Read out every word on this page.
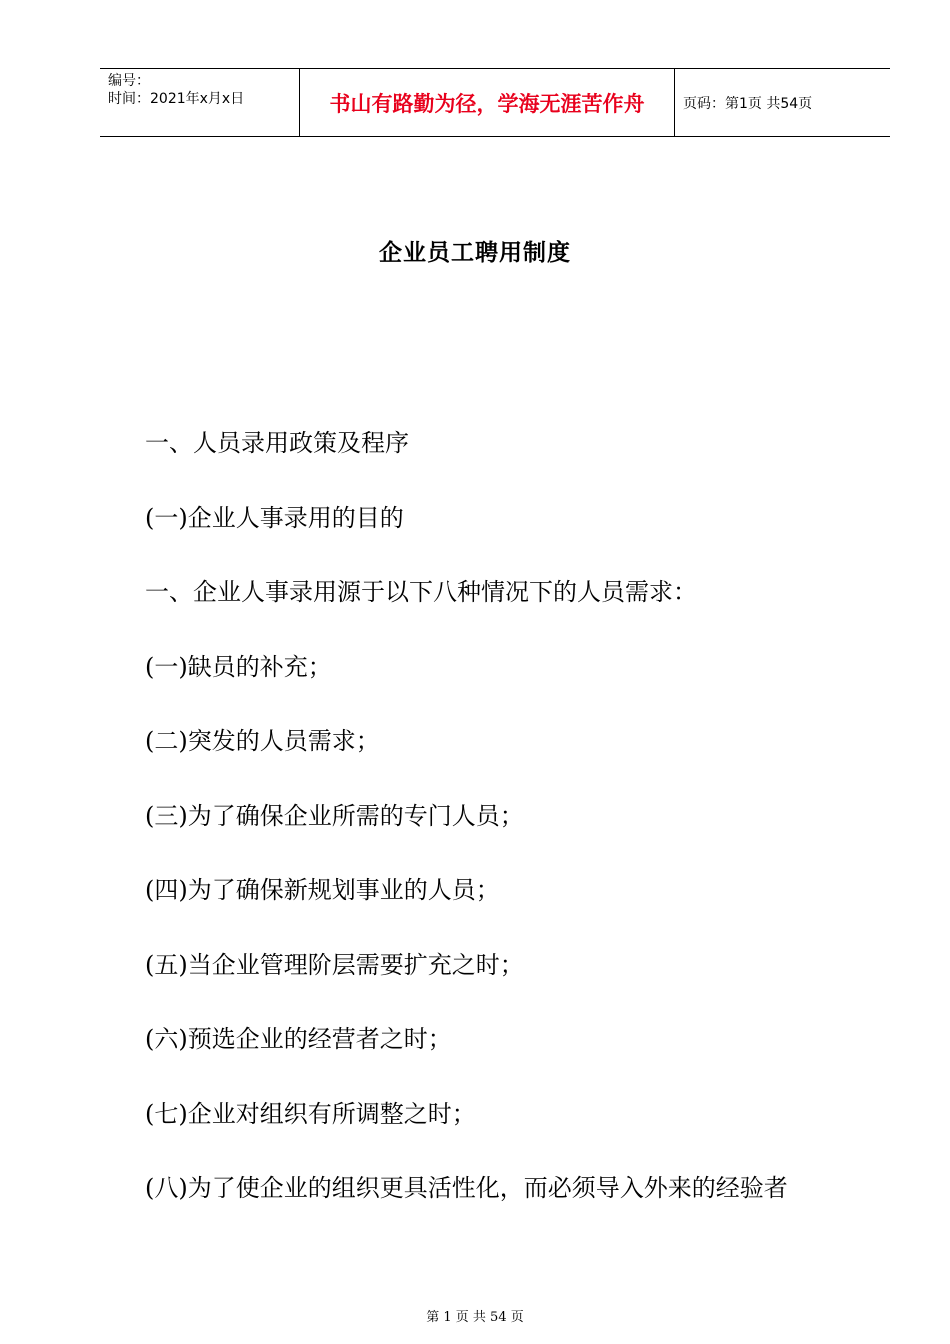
编号：
时间：2021年x月x日	书山有路勤为径，学海无涯苦作舟	页码：第1页 共54页
企业员工聘用制度
一、人员录用政策及程序
(一)企业人事录用的目的
一、企业人事录用源于以下八种情况下的人员需求：
(一)缺员的补充；
(二)突发的人员需求；
(三)为了确保企业所需的专门人员；
(四)为了确保新规划事业的人员；
(五)当企业管理阶层需要扩充之时；
(六)预选企业的经营者之时；
(七)企业对组织有所调整之时；
(八)为了使企业的组织更具活性化，而必须导入外来的经验者
第 1 页 共 54 页
